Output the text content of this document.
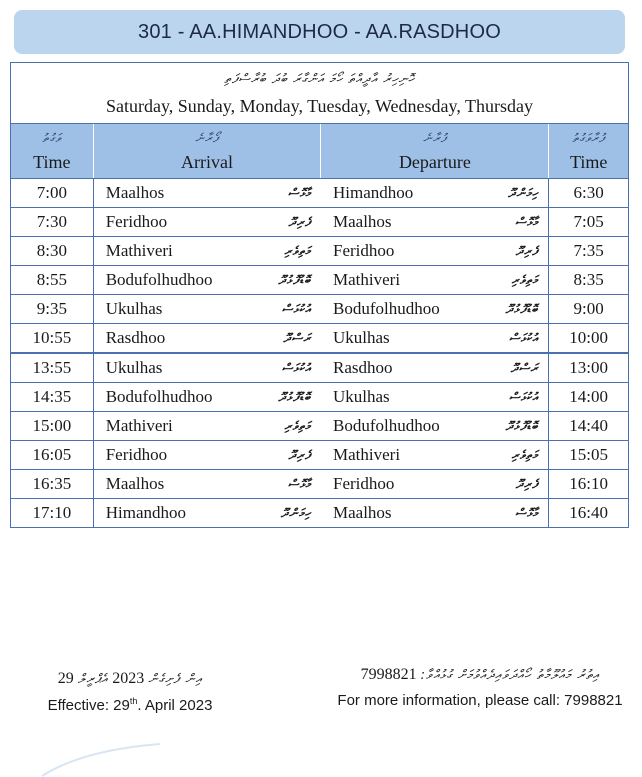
301 - AA.HIMANDHOO - AA.RASDHOO
ހޮނިހިރު އާދީއްތަ ހޯމަ އަންގާރަ ބުދަ ބުރާސްފަތި
Saturday, Sunday, Monday, Tuesday, Wednesday, Thursday
ވަގުތު
Time
ފޯރާނެ
Arrival
ފުރާނެ
Departure
ފުރާވަގުތު
Time
7:00 Maalhos	މާޅޮސް Himandhoo	ހިމަންދޫ 6:30
7:30 Feridhoo	ފެރިދޫ Maalhos	މާޅޮސް 7:05
8:30 Mathiveri	މަތިވެރި Feridhoo	ފެރިދޫ 7:35
8:55 Bodufolhudhoo	ބޮޑުފޮޅުދޫ Mathiveri	މަތިވެރި 8:35
9:35 Ukulhas	އުކުޅަސް Bodufolhudhoo	ބޮޑުފޮޅުދޫ 9:00
10:55 Rasdhoo	ރަސްދޫ Ukulhas	އުކުޅަސް 10:00
13:55 Ukulhas	އުކުޅަސް Rasdhoo	ރަސްދޫ 13:00
14:35 Bodufolhudhoo	ބޮޑުފޮޅުދޫ Ukulhas	އުކުޅަސް 14:00
15:00 Mathiveri	މަތިވެރި Bodufolhudhoo	ބޮޑުފޮޅުދޫ 14:40
16:05 Feridhoo	ފެރިދޫ Mathiveri	މަތިވެރި 15:05
16:35 Maalhos	މާޅޮސް Feridhoo	ފެރިދޫ 16:10
17:10 Himandhoo	ހިމަންދޫ Maalhos	މާޅޮސް 16:40
29 އެޕްރީލް 2023 އިން ފެށިގެން
Effective: 29th. April 2023
7998821 އިތުރު މައުލޫމާތު ހޯއްދަވައިދެއްވުމަށް ގުޅުއްވާ:
For more information, please call: 7998821
